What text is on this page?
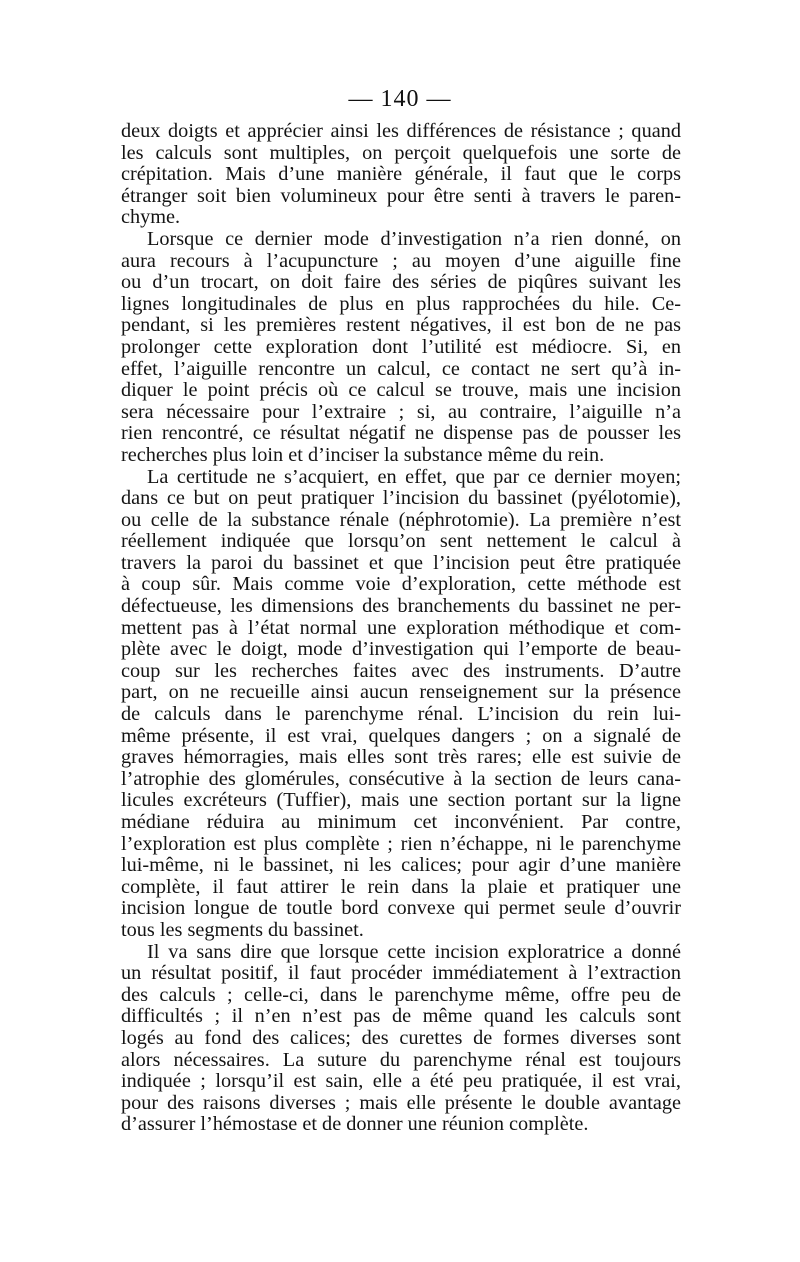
— 140 —
deux doigts et apprécier ainsi les différences de résistance ; quand
les calculs sont multiples, on perçoit quelquefois une sorte de
crépitation. Mais d’une manière générale, il faut que le corps
étranger soit bien volumineux pour être senti à travers le paren-
chyme.
Lorsque ce dernier mode d’investigation n’a rien donné, on
aura recours à l’acupuncture ; au moyen d’une aiguille fine
ou d’un trocart, on doit faire des séries de piqûres suivant les
lignes longitudinales de plus en plus rapprochées du hile. Ce-
pendant, si les premières restent négatives, il est bon de ne pas
prolonger cette exploration dont l’utilité est médiocre. Si, en
effet, l’aiguille rencontre un calcul, ce contact ne sert qu’à in-
diquer le point précis où ce calcul se trouve, mais une incision
sera nécessaire pour l’extraire ; si, au contraire, l’aiguille n’a
rien rencontré, ce résultat négatif ne dispense pas de pousser les
recherches plus loin et d’inciser la substance même du rein.
La certitude ne s’acquiert, en effet, que par ce dernier moyen;
dans ce but on peut pratiquer l’incision du bassinet (pyélotomie),
ou celle de la substance rénale (néphrotomie). La première n’est
réellement indiquée que lorsqu’on sent nettement le calcul à
travers la paroi du bassinet et que l’incision peut être pratiquée
à coup sûr. Mais comme voie d’exploration, cette méthode est
défectueuse, les dimensions des branchements du bassinet ne per-
mettent pas à l’état normal une exploration méthodique et com-
plète avec le doigt, mode d’investigation qui l’emporte de beau-
coup sur les recherches faites avec des instruments. D’autre
part, on ne recueille ainsi aucun renseignement sur la présence
de calculs dans le parenchyme rénal. L’incision du rein lui-
même présente, il est vrai, quelques dangers ; on a signalé de
graves hémorragies, mais elles sont très rares; elle est suivie de
l’atrophie des glomérules, consécutive à la section de leurs cana-
licules excréteurs (Tuffier), mais une section portant sur la ligne
médiane réduira au minimum cet inconvénient. Par contre,
l’exploration est plus complète ; rien n’échappe, ni le parenchyme
lui-même, ni le bassinet, ni les calices; pour agir d’une manière
complète, il faut attirer le rein dans la plaie et pratiquer une
incision longue de toutle bord convexe qui permet seule d’ouvrir
tous les segments du bassinet.
Il va sans dire que lorsque cette incision exploratrice a donné
un résultat positif, il faut procéder immédiatement à l’extraction
des calculs ; celle-ci, dans le parenchyme même, offre peu de
difficultés ; il n’en n’est pas de même quand les calculs sont
logés au fond des calices; des curettes de formes diverses sont
alors nécessaires. La suture du parenchyme rénal est toujours
indiquée ; lorsqu’il est sain, elle a été peu pratiquée, il est vrai,
pour des raisons diverses ; mais elle présente le double avantage
d’assurer l’hémostase et de donner une réunion complète.
